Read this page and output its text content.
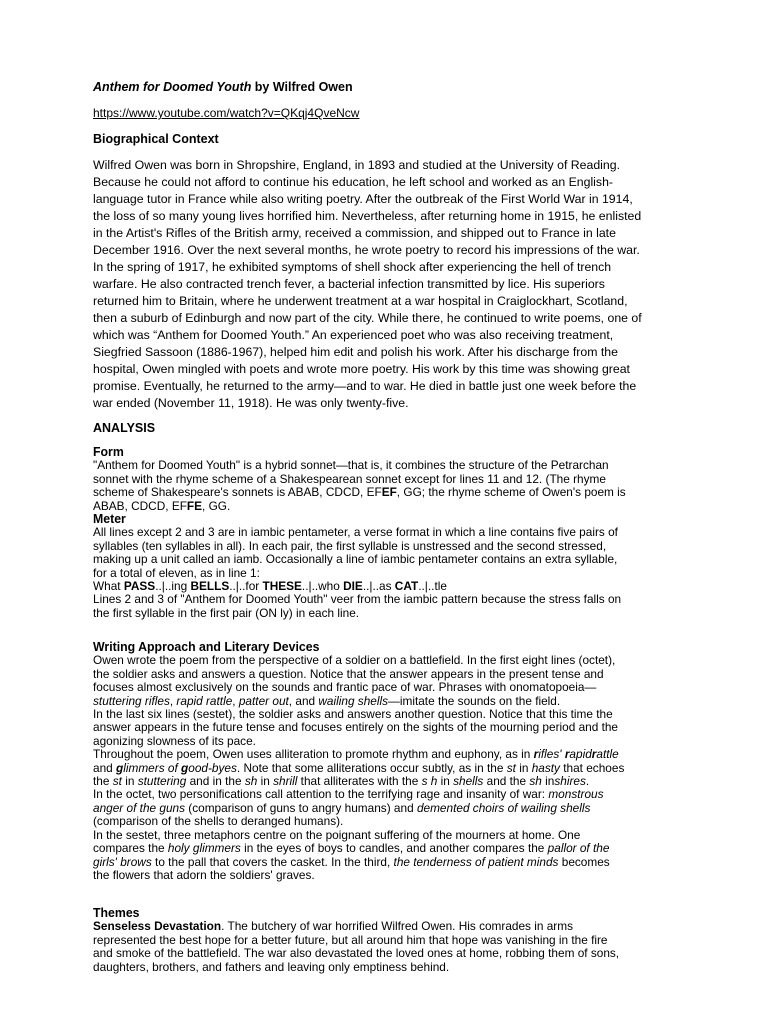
Anthem for Doomed Youth by Wilfred Owen

https://www.youtube.com/watch?v=QKqj4QveNcw

Biographical Context

Wilfred Owen was born in Shropshire, England, in 1893 and studied at the University of Reading.
Because he could not afford to continue his education, he left school and worked as an English-
language tutor in France while also writing poetry. After the outbreak of the First World War in 1914,
the loss of so many young lives horrified him. Nevertheless, after returning home in 1915, he enlisted
in the Artist's Rifles of the British army, received a commission, and shipped out to France in late
December 1916. Over the next several months, he wrote poetry to record his impressions of the war.
In the spring of 1917, he exhibited symptoms of shell shock after experiencing the hell of trench
warfare. He also contracted trench fever, a bacterial infection transmitted by lice. His superiors
returned him to Britain, where he underwent treatment at a war hospital in Craiglockhart, Scotland,
then a suburb of Edinburgh and now part of the city. While there, he continued to write poems, one of
which was “Anthem for Doomed Youth.” An experienced poet who was also receiving treatment,
Siegfried Sassoon (1886-1967), helped him edit and polish his work. After his discharge from the
hospital, Owen mingled with poets and wrote more poetry. His work by this time was showing great
promise. Eventually, he returned to the army—and to war. He died in battle just one week before the
war ended (November 11, 1918). He was only twenty-five.

ANALYSIS

Form
"Anthem for Doomed Youth" is a hybrid sonnet—that is, it combines the structure of the Petrarchan
sonnet with the rhyme scheme of a Shakespearean sonnet except for lines 11 and 12. (The rhyme
scheme of Shakespeare's sonnets is ABAB, CDCD, EFEF, GG; the rhyme scheme of Owen's poem is
ABAB, CDCD, EFFE, GG.
Meter
All lines except 2 and 3 are in iambic pentameter, a verse format in which a line contains five pairs of
syllables (ten syllables in all). In each pair, the first syllable is unstressed and the second stressed,
making up a unit called an iamb. Occasionally a line of iambic pentameter contains an extra syllable,
for a total of eleven, as in line 1:
What PASS..|..ing BELLS..|..for THESE..|..who DIE..|..as CAT..|..tle
Lines 2 and 3 of "Anthem for Doomed Youth" veer from the iambic pattern because the stress falls on
the first syllable in the first pair (ON ly) in each line.
Writing Approach and Literary Devices
Owen wrote the poem from the perspective of a soldier on a battlefield. In the first eight lines (octet),
the soldier asks and answers a question. Notice that the answer appears in the present tense and
focuses almost exclusively on the sounds and frantic pace of war. Phrases with onomatopoeia—
stuttering rifles, rapid rattle, patter out, and wailing shells—imitate the sounds on the field.
In the last six lines (sestet), the soldier asks and answers another question. Notice that this time the
answer appears in the future tense and focuses entirely on the sights of the mourning period and the
agonizing slowness of its pace.
Throughout the poem, Owen uses alliteration to promote rhythm and euphony, as in rifles' rapidrattle
and glimmers of good-byes. Note that some alliterations occur subtly, as in the st in hasty that echoes
the st in stuttering and in the sh in shrill that alliterates with the s h in shells and the sh inshires.
In the octet, two personifications call attention to the terrifying rage and insanity of war: monstrous
anger of the guns (comparison of guns to angry humans) and demented choirs of wailing shells
(comparison of the shells to deranged humans).
In the sestet, three metaphors centre on the poignant suffering of the mourners at home. One
compares the holy glimmers in the eyes of boys to candles, and another compares the pallor of the
girls' brows to the pall that covers the casket. In the third, the tenderness of patient minds becomes
the flowers that adorn the soldiers' graves.
Themes
Senseless Devastation. The butchery of war horrified Wilfred Owen. His comrades in arms
represented the best hope for a better future, but all around him that hope was vanishing in the fire
and smoke of the battlefield. The war also devastated the loved ones at home, robbing them of sons,
daughters, brothers, and fathers and leaving only emptiness behind.
